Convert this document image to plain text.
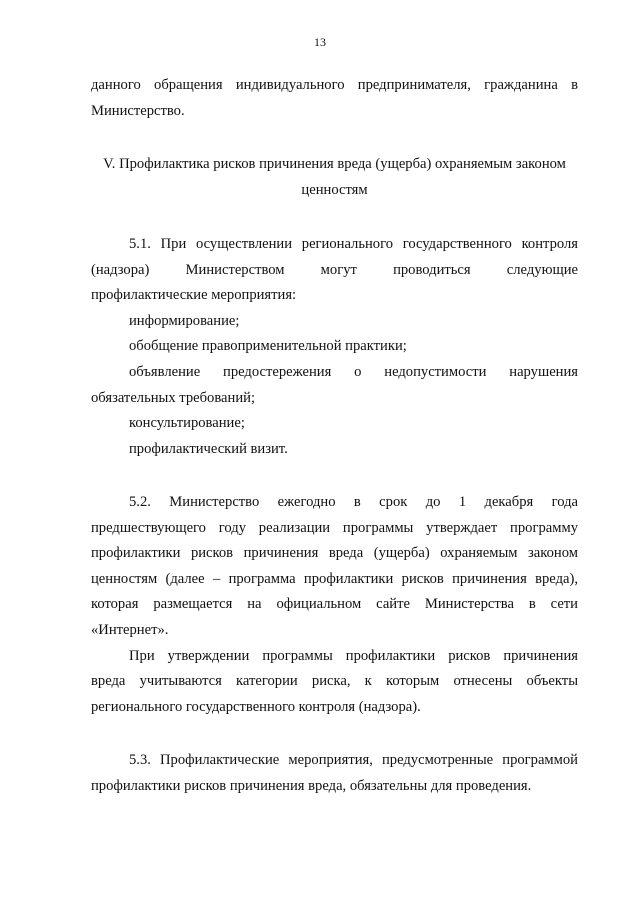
13
данного обращения индивидуального предпринимателя, гражданина в
Министерство.
V. Профилактика рисков причинения вреда (ущерба) охраняемым законом
ценностям
5.1. При осуществлении регионального государственного контроля
(надзора) Министерством могут проводиться следующие
профилактические мероприятия:
информирование;
обобщение правоприменительной практики;
объявление предостережения о недопустимости нарушения
обязательных требований;
консультирование;
профилактический визит.
5.2. Министерство ежегодно в срок до 1 декабря года
предшествующего году реализации программы утверждает программу
профилактики рисков причинения вреда (ущерба) охраняемым законом
ценностям (далее – программа профилактики рисков причинения вреда),
которая размещается на официальном сайте Министерства в сети
«Интернет».
При утверждении программы профилактики рисков причинения
вреда учитываются категории риска, к которым отнесены объекты
регионального государственного контроля (надзора).
5.3. Профилактические мероприятия, предусмотренные программой
профилактики рисков причинения вреда, обязательны для проведения.
